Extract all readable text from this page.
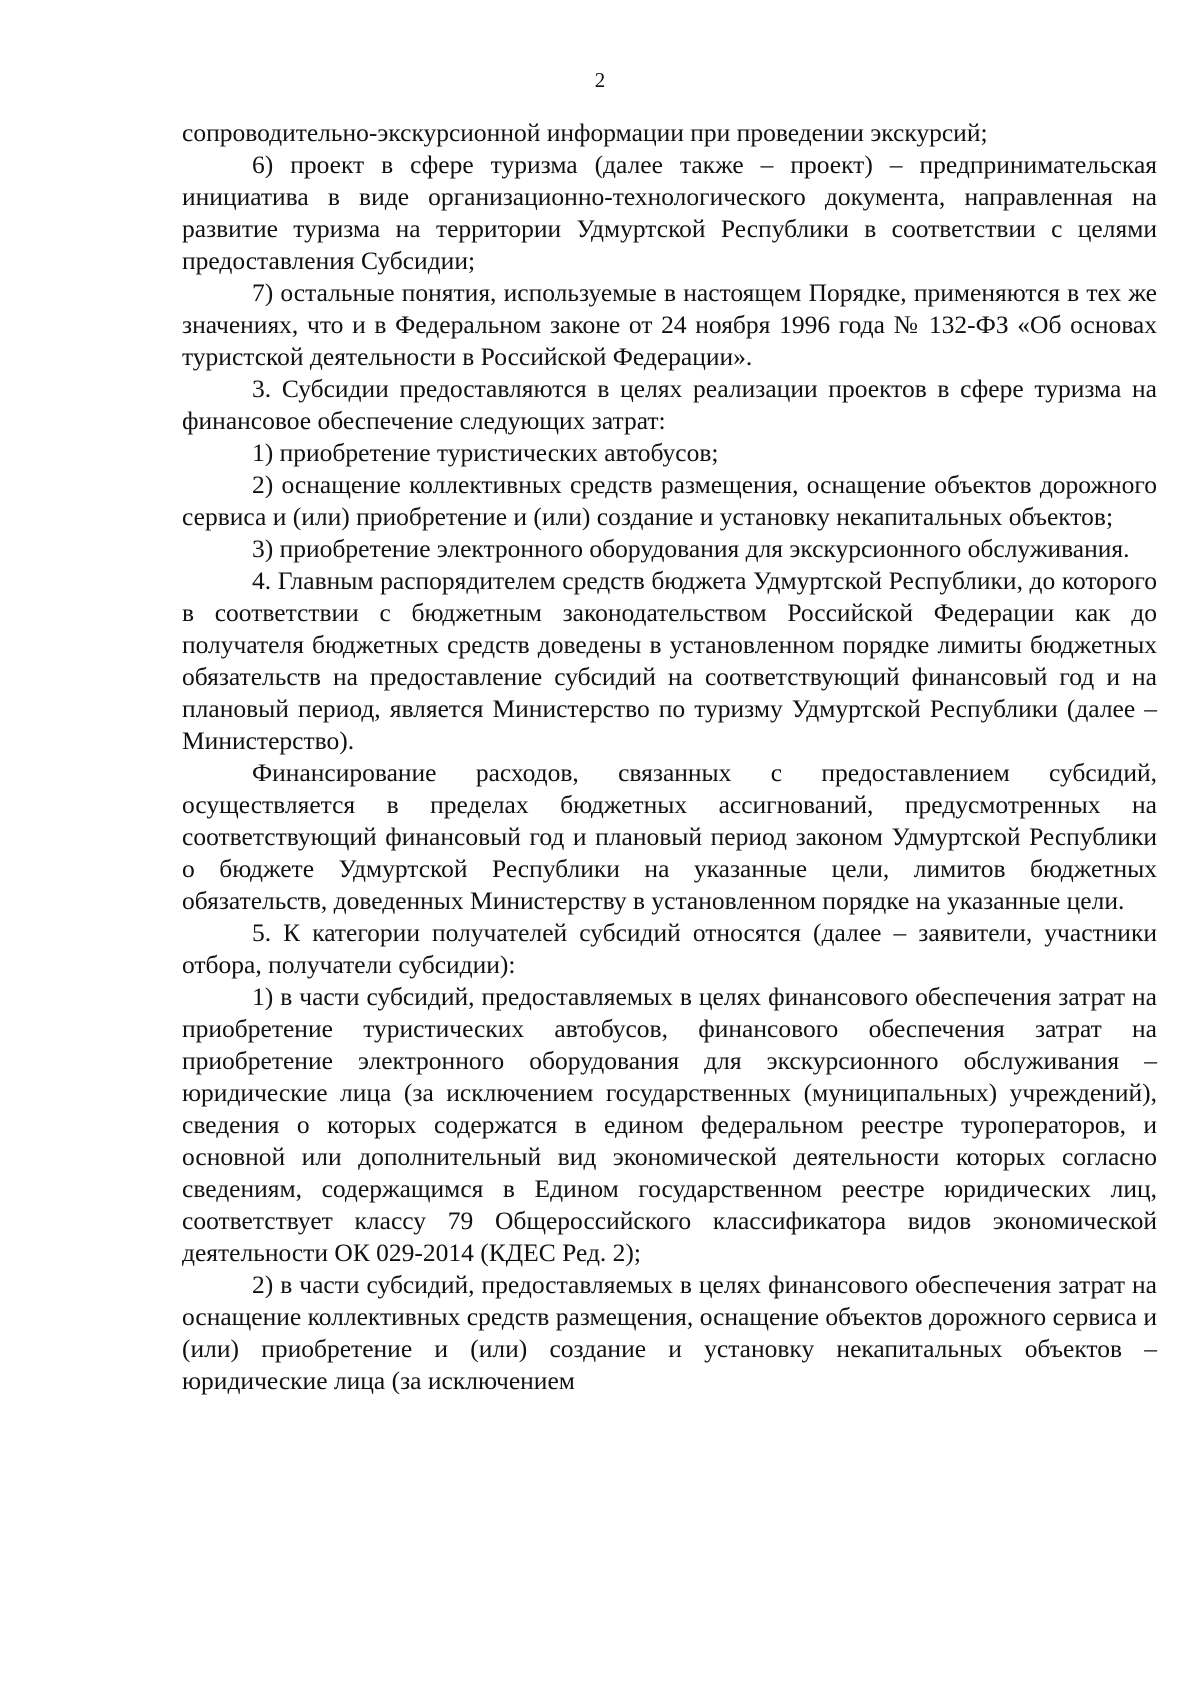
2

сопроводительно-экскурсионной информации при проведении экскурсий;

6) проект в сфере туризма (далее также – проект) – предпринимательская инициатива в виде организационно-технологического документа, направленная на развитие туризма на территории Удмуртской Республики в соответствии с целями предоставления Субсидии;

7) остальные понятия, используемые в настоящем Порядке, применяются в тех же значениях, что и в Федеральном законе от 24 ноября 1996 года № 132-ФЗ «Об основах туристской деятельности в Российской Федерации».

3. Субсидии предоставляются в целях реализации проектов в сфере туризма на финансовое обеспечение следующих затрат:

1) приобретение туристических автобусов;

2) оснащение коллективных средств размещения, оснащение объектов дорожного сервиса и (или) приобретение и (или) создание и установку некапитальных объектов;

3) приобретение электронного оборудования для экскурсионного обслуживания.

4. Главным распорядителем средств бюджета Удмуртской Республики, до которого в соответствии с бюджетным законодательством Российской Федерации как до получателя бюджетных средств доведены в установленном порядке лимиты бюджетных обязательств на предоставление субсидий на соответствующий финансовый год и на плановый период, является Министерство по туризму Удмуртской Республики (далее – Министерство).

Финансирование расходов, связанных с предоставлением субсидий, осуществляется в пределах бюджетных ассигнований, предусмотренных на соответствующий финансовый год и плановый период законом Удмуртской Республики о бюджете Удмуртской Республики на указанные цели, лимитов бюджетных обязательств, доведенных Министерству в установленном порядке на указанные цели.

5. К категории получателей субсидий относятся (далее – заявители, участники отбора, получатели субсидии):

1) в части субсидий, предоставляемых в целях финансового обеспечения затрат на приобретение туристических автобусов, финансового обеспечения затрат на приобретение электронного оборудования для экскурсионного обслуживания – юридические лица (за исключением государственных (муниципальных) учреждений), сведения о которых содержатся в едином федеральном реестре туроператоров, и основной или дополнительный вид экономической деятельности которых согласно сведениям, содержащимся в Едином государственном реестре юридических лиц, соответствует классу 79 Общероссийского классификатора видов экономической деятельности ОК 029-2014 (КДЕС Ред. 2);

2) в части субсидий, предоставляемых в целях финансового обеспечения затрат на оснащение коллективных средств размещения, оснащение объектов дорожного сервиса и (или) приобретение и (или) создание и установку некапитальных объектов – юридические лица (за исключением
